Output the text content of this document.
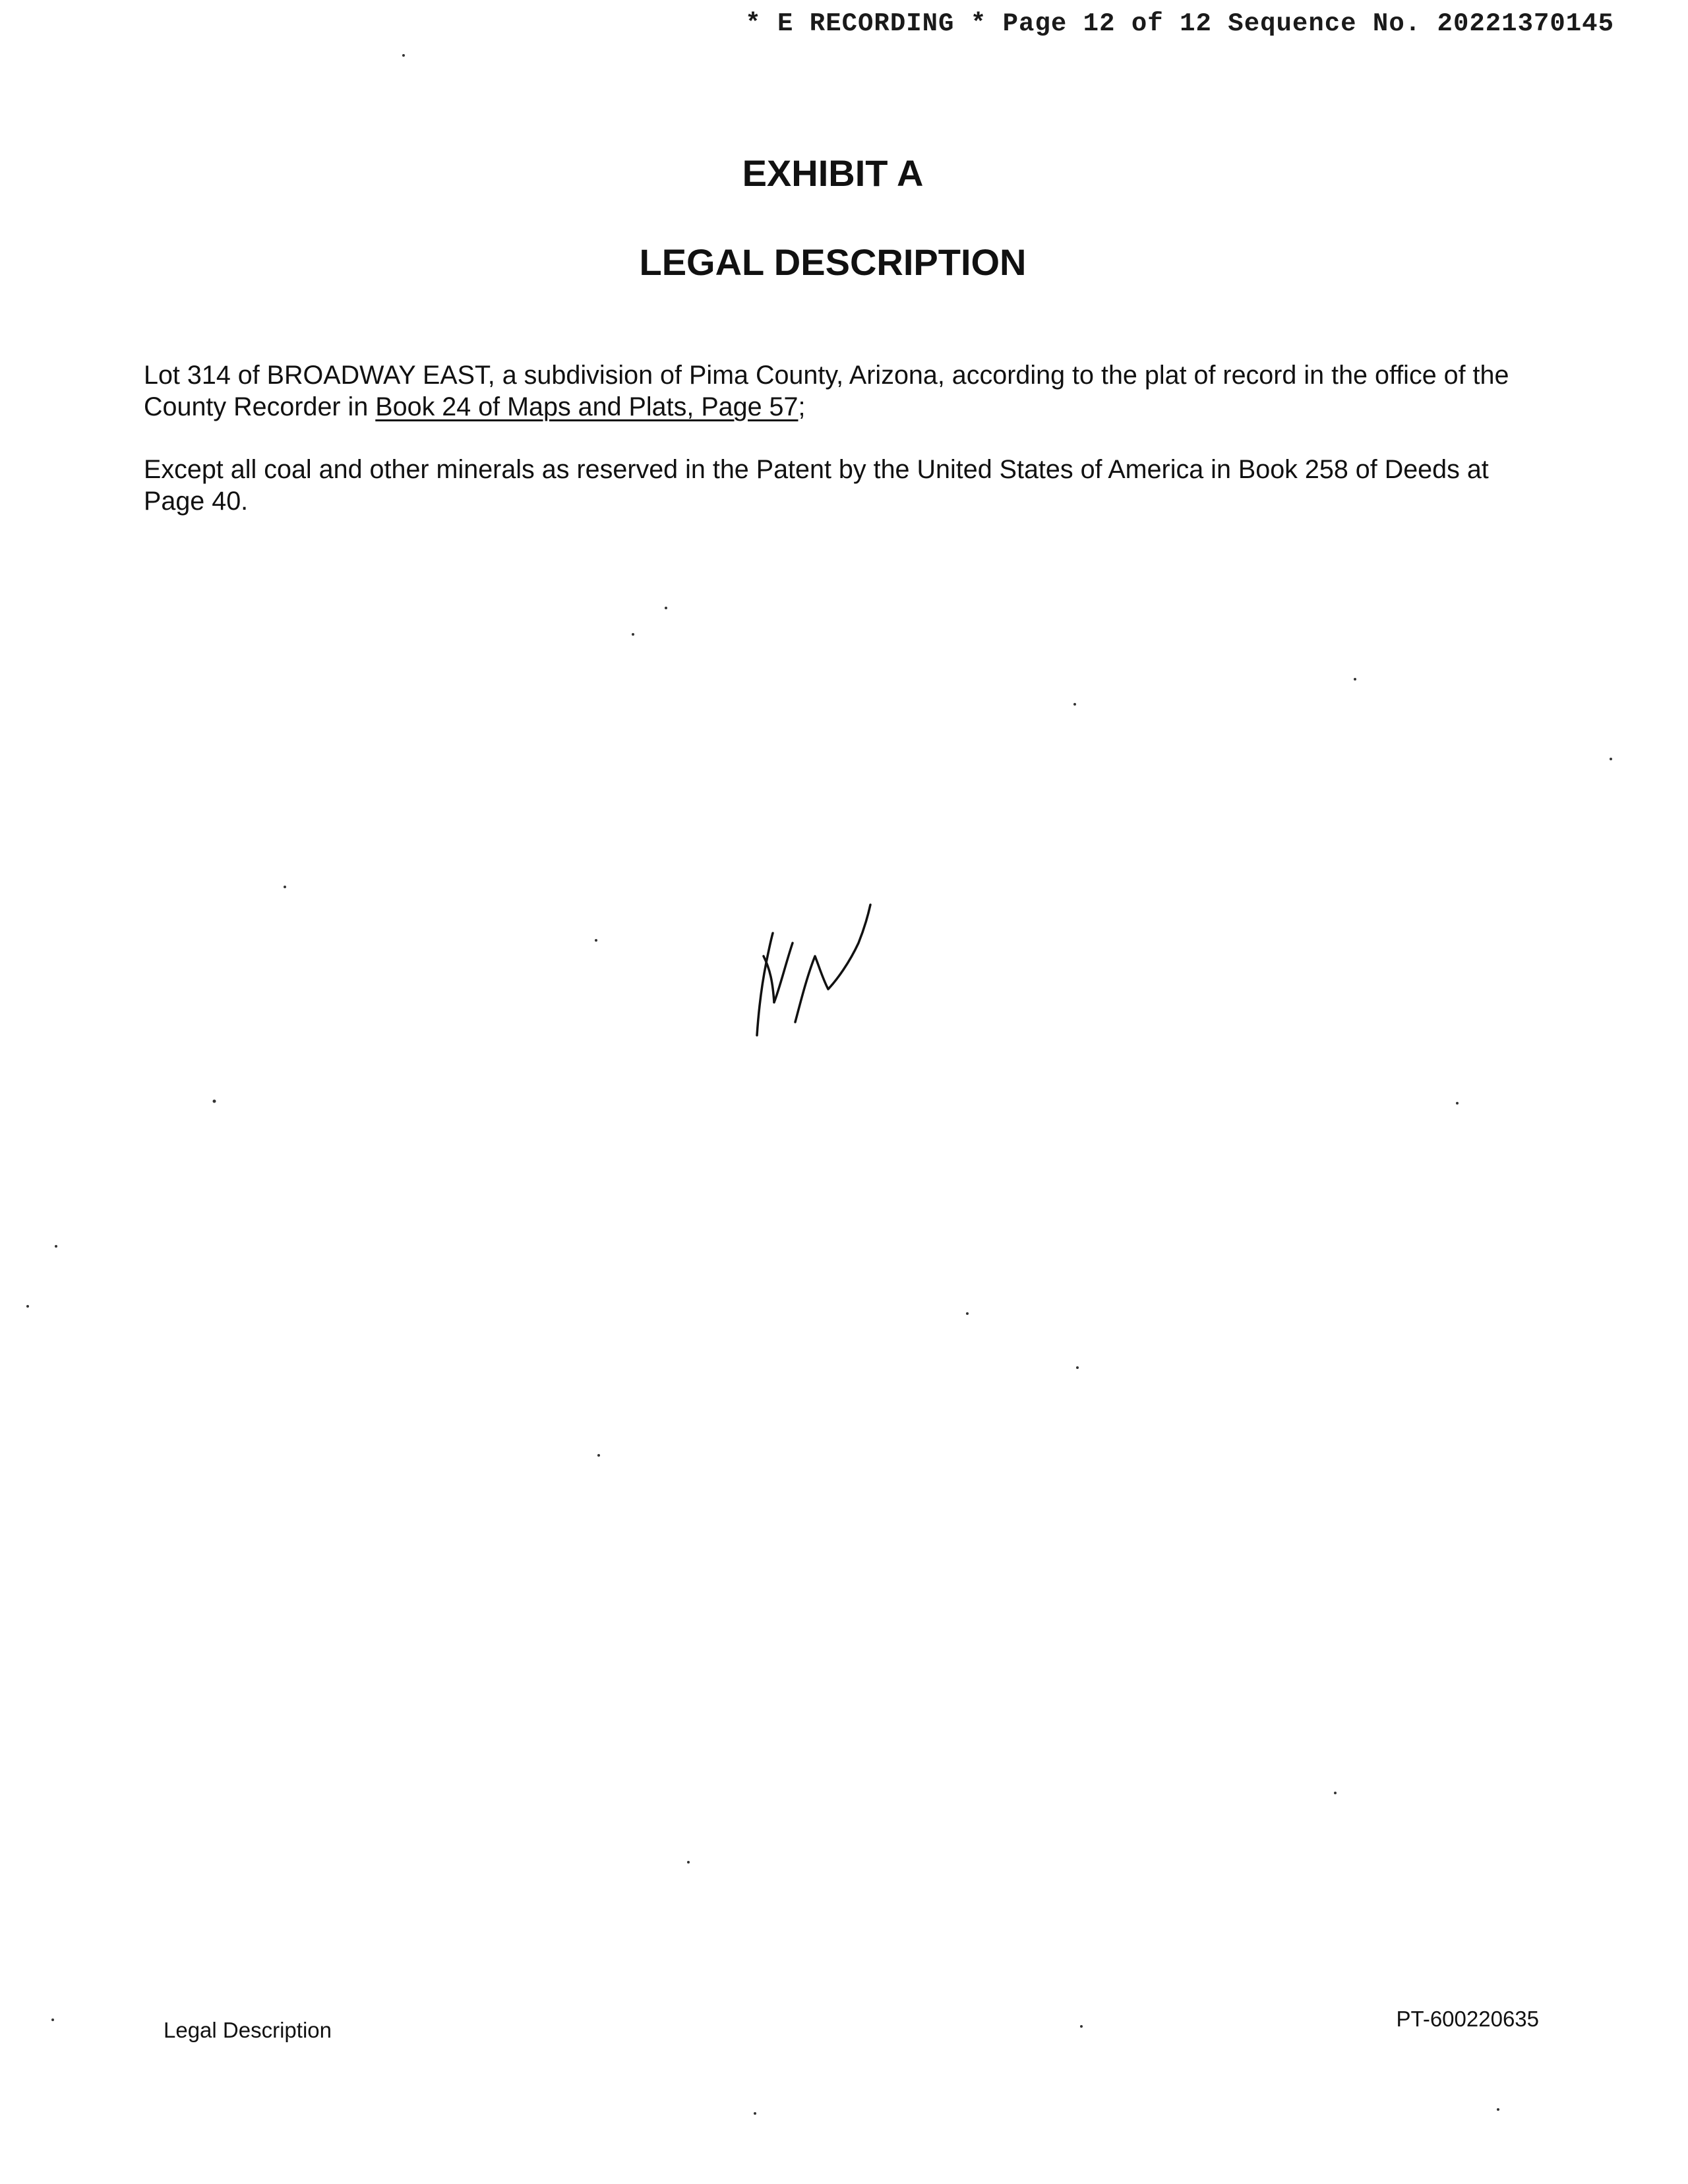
* E RECORDING * Page 12 of 12 Sequence No. 20221370145
EXHIBIT A
LEGAL DESCRIPTION

Lot 314 of BROADWAY EAST, a subdivision of Pima County, Arizona, according to the plat of record in the office of the County Recorder in Book 24 of Maps and Plats, Page 57;

Except all coal and other minerals as reserved in the Patent by the United States of America in Book 258 of Deeds at Page 40.

Legal Description	PT-600220635
